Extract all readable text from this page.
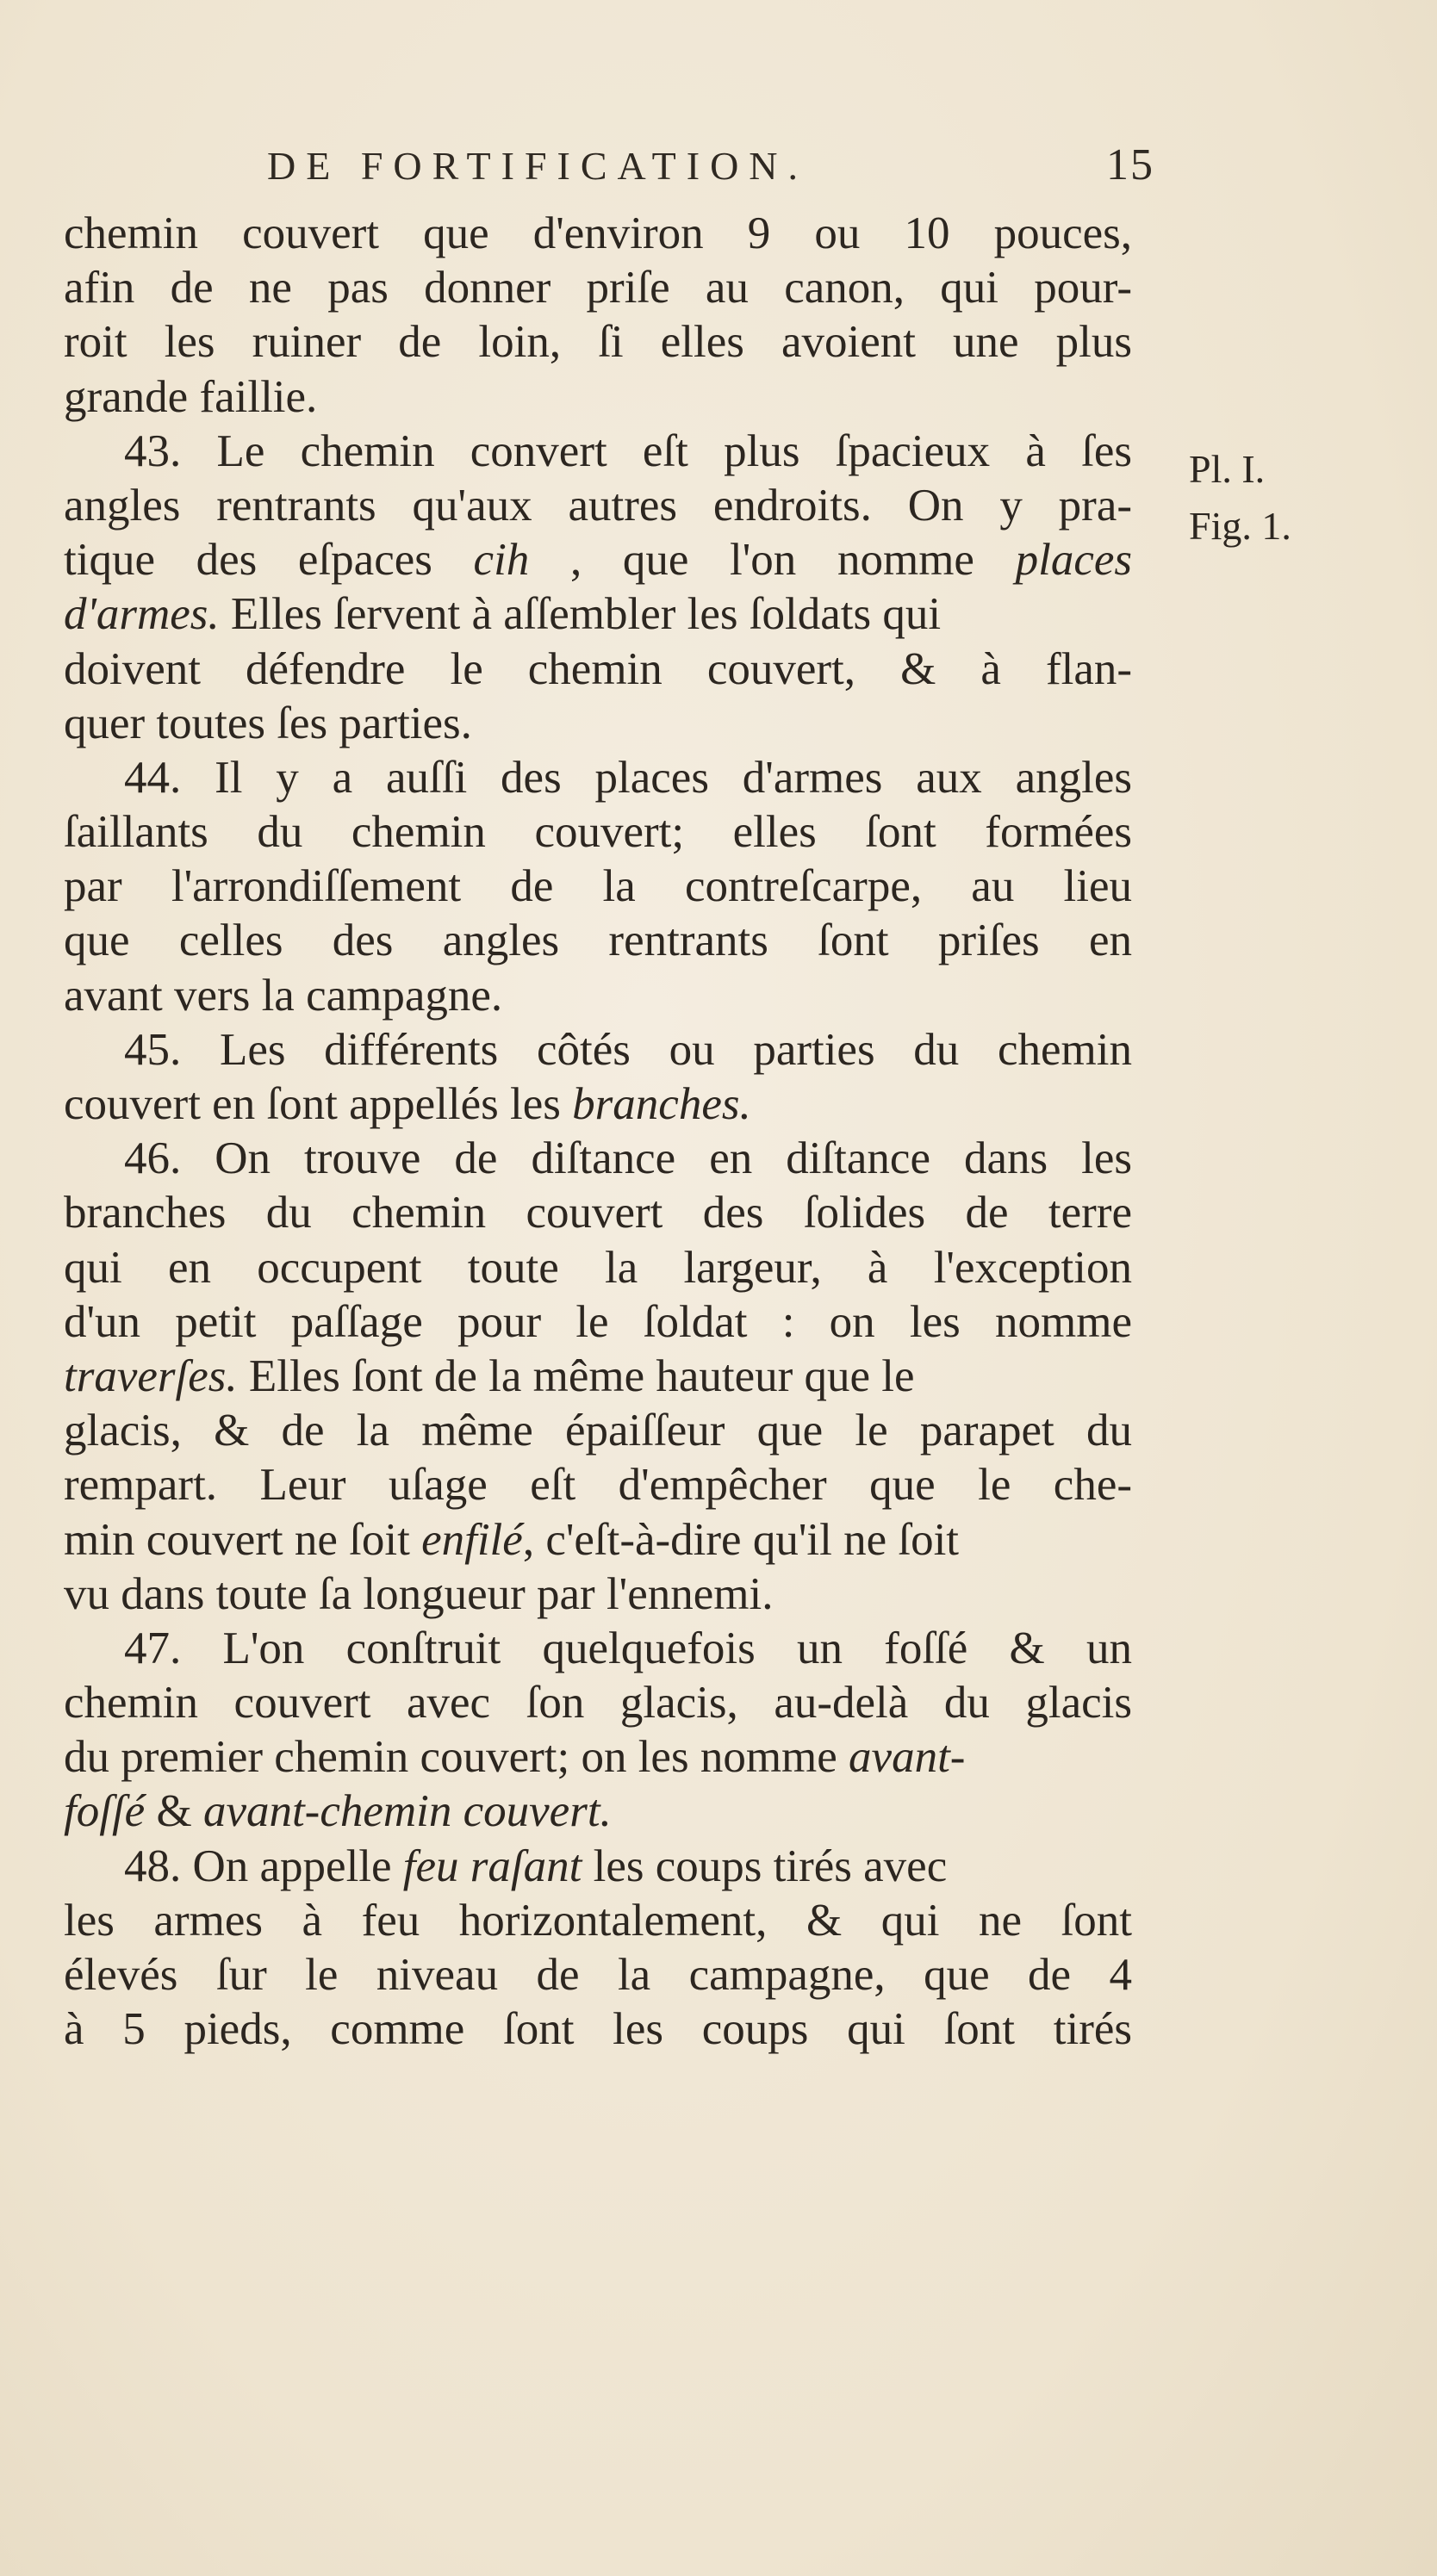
DE FORTIFICATION.	15
Pl. I.
Fig. 1.
chemin couvert que d'environ 9 ou 10 pouces,
afin de ne pas donner priſe au canon, qui pour-
roit les ruiner de loin, ſi elles avoient une plus
grande faillie.
43. Le chemin convert eſt plus ſpacieux à ſes
angles rentrants qu'aux autres endroits. On y pra-
tique des eſpaces cih , que l'on nomme places
d'armes. Elles ſervent à aſſembler les ſoldats qui
doivent défendre le chemin couvert, & à flan-
quer toutes ſes parties.
44. Il y a auſſi des places d'armes aux angles
ſaillants du chemin couvert; elles ſont formées
par l'arrondiſſement de la contreſcarpe, au lieu
que celles des angles rentrants ſont priſes en
avant vers la campagne.
45. Les différents côtés ou parties du chemin
couvert en ſont appellés les branches.
46. On trouve de diſtance en diſtance dans les
branches du chemin couvert des ſolides de terre
qui en occupent toute la largeur, à l'exception
d'un petit paſſage pour le ſoldat : on les nomme
traverſes. Elles ſont de la même hauteur que le
glacis, & de la même épaiſſeur que le parapet du
rempart. Leur uſage eſt d'empêcher que le che-
min couvert ne ſoit enfilé, c'eſt-à-dire qu'il ne ſoit
vu dans toute ſa longueur par l'ennemi.
47. L'on conſtruit quelquefois un foſſé & un
chemin couvert avec ſon glacis, au-delà du glacis
du premier chemin couvert; on les nomme avant-
foſſé & avant-chemin couvert.
48. On appelle feu raſant les coups tirés avec
les armes à feu horizontalement, & qui ne ſont
élevés ſur le niveau de la campagne, que de 4
à 5 pieds, comme ſont les coups qui ſont tirés
